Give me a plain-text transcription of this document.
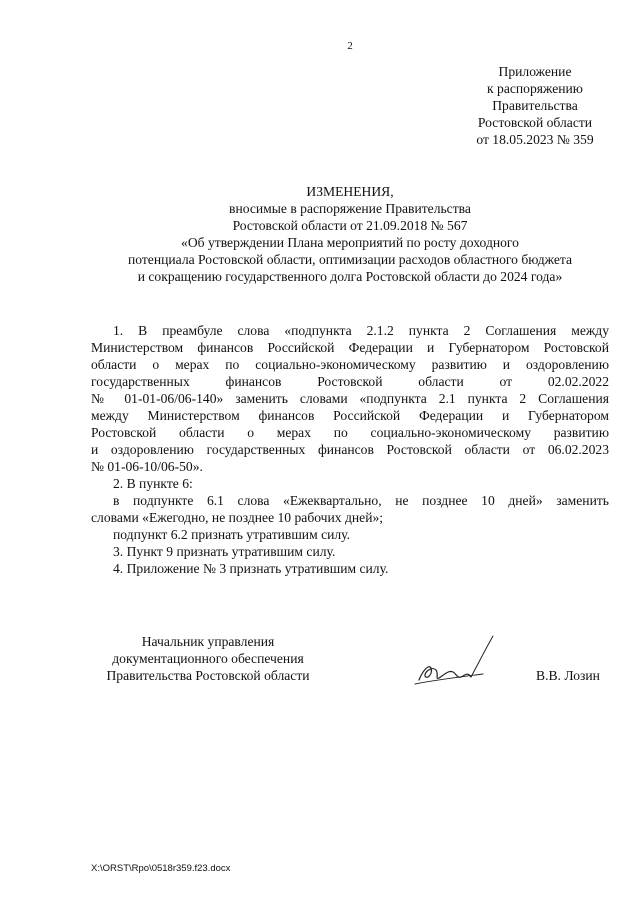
2
Приложение
к распоряжению
Правительства
Ростовской области
от 18.05.2023 № 359
ИЗМЕНЕНИЯ,
вносимые в распоряжение Правительства
Ростовской области от 21.09.2018 № 567
«Об утверждении Плана мероприятий по росту доходного
потенциала Ростовской области, оптимизации расходов областного бюджета
и сокращению государственного долга Ростовской области до 2024 года»
1. В преамбуле слова «подпункта 2.1.2 пункта 2 Соглашения между
Министерством финансов Российской Федерации и Губернатором Ростовской
области о мерах по социально-экономическому развитию и оздоровлению
государственных финансов Ростовской области от 02.02.2022
№ 01-01-06/06-140» заменить словами «подпункта 2.1 пункта 2 Соглашения
между Министерством финансов Российской Федерации и Губернатором
Ростовской области о мерах по социально-экономическому развитию
и оздоровлению государственных финансов Ростовской области от 06.02.2023
№ 01-06-10/06-50».
2. В пункте 6:
в подпункте 6.1 слова «Ежеквартально, не позднее 10 дней» заменить
словами «Ежегодно, не позднее 10 рабочих дней»;
подпункт 6.2 признать утратившим силу.
3. Пункт 9 признать утратившим силу.
4. Приложение № 3 признать утратившим силу.
Начальник управления
документационного обеспечения
Правительства Ростовской области	В.В. Лозин
X:\ORST\Rpo\0518r359.f23.docx
